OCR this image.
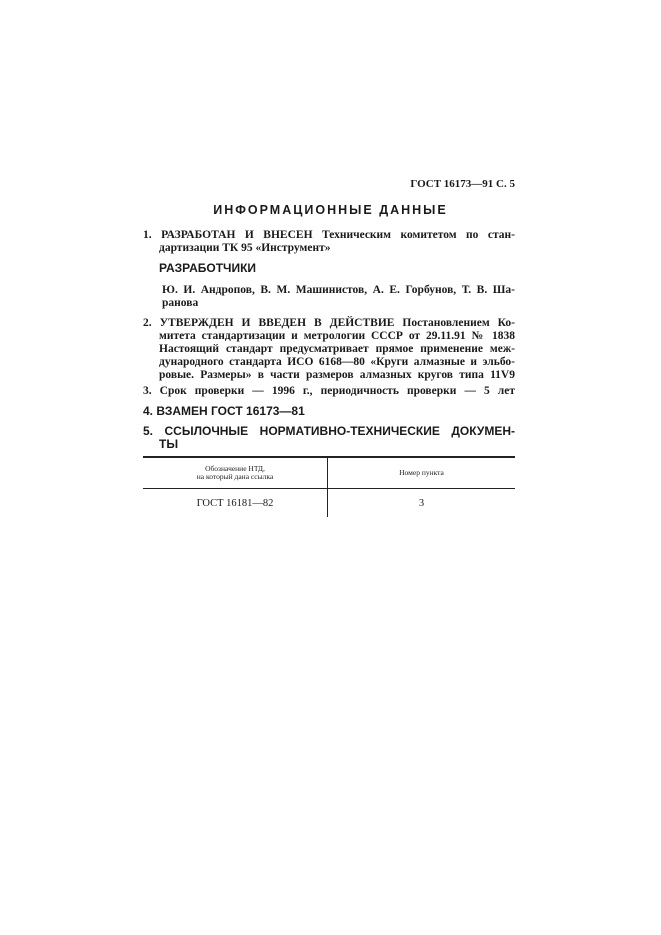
ГОСТ 16173—91 С. 5
ИНФОРМАЦИОННЫЕ ДАННЫЕ
1. РАЗРАБОТАН И ВНЕСЕН Техническим комитетом по стан-
дартизации ТК 95 «Инструмент»
РАЗРАБОТЧИКИ
Ю. И. Андропов, В. М. Машинистов, А. Е. Горбунов, Т. В. Ша-
ранова
2. УТВЕРЖДЕН И ВВЕДЕН В ДЕЙСТВИЕ Постановлением Ко-
митета стандартизации и метрологии СССР от 29.11.91 № 1838
Настоящий стандарт предусматривает прямое применение меж-
дународного стандарта ИСО 6168—80 «Круги алмазные и эльбо-
ровые. Размеры» в части размеров алмазных кругов типа 11V9
3. Срок проверки — 1996 г., периодичность проверки — 5 лет
4. ВЗАМЕН ГОСТ 16173—81
5. ССЫЛОЧНЫЕ НОРМАТИВНО-ТЕХНИЧЕСКИЕ ДОКУМЕН-
ТЫ
Обозначение НТД,
на который дана ссылка	Номер пункта
ГОСТ 16181—82	3
